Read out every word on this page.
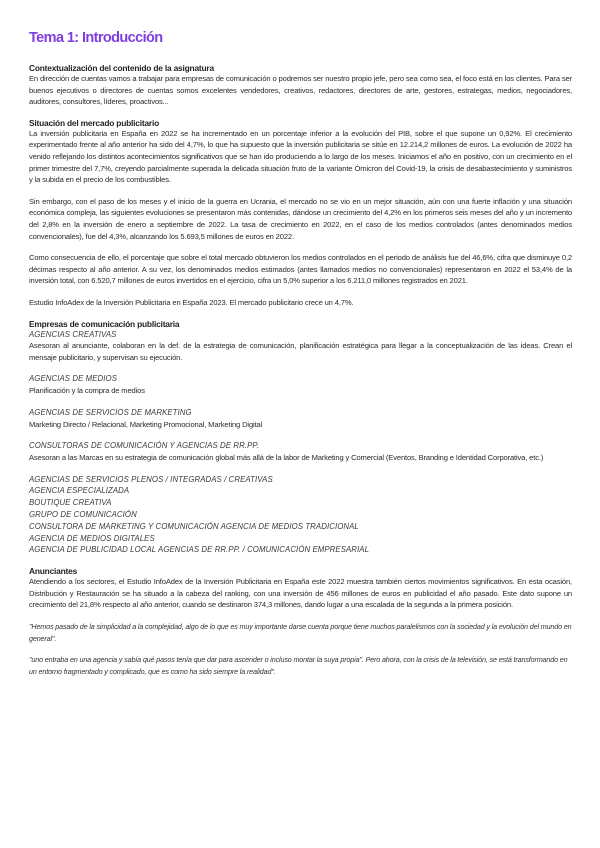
Tema 1: Introducción
Contextualización del contenido de la asignatura

En dirección de cuentas vamos a trabajar para empresas de comunicación o podremos ser nuestro propio jefe, pero sea como sea, el foco está en los clientes. Para ser buenos ejecutivos o directores de cuentas somos excelentes vendedores, creativos, redactores, directores de arte, gestores, estrategas, medios, negociadores, auditores, consultores, líderes, proactivos...

Situación del mercado publicitario

La inversión publicitaria en España en 2022 se ha incrementado en un porcentaje inferior a la evolución del PIB, sobre el que supone un 0,92%. El crecimiento experimentado frente al año anterior ha sido del 4,7%, lo que ha supuesto que la inversión publicitaria se sitúe en 12.214,2 millones de euros. La evolución de 2022 ha venido reflejando los distintos acontecimientos significativos que se han ido produciendo a lo largo de los meses. Iniciamos el año en positivo, con un crecimiento en el primer trimestre del 7,7%, creyendo parcialmente superada la delicada situación fruto de la variante Ómicron del Covid-19, la crisis de desabastecimiento y suministros y la subida en el precio de los combustibles.

Sin embargo, con el paso de los meses y el inicio de la guerra en Ucrania, el mercado no se vio en un mejor situación, aún con una fuerte inflación y una situación económica compleja, las siguientes evoluciones se presentaron más contenidas, dándose un crecimiento del 4,2% en los primeros seis meses del año y un incremento del 2,8% en la inversión de enero a septiembre de 2022. La tasa de crecimiento en 2022, en el caso de los medios controlados (antes denominados medios convencionales), fue del 4,3%, alcanzando los 5.693,5 millones de euros en 2022.

Como consecuencia de ello, el porcentaje que sobre el total mercado obtuvieron los medios controlados en el periodo de análisis fue del 46,6%, cifra que disminuye 0,2 décimas respecto al año anterior. A su vez, los denominados medios estimados (antes llamados medios no convencionales) representaron en 2022 el 53,4% de la inversión total, con 6.520,7 millones de euros invertidos en el ejercicio, cifra un 5,0% superior a los 6.211,0 millones registrados en 2021.

Estudio InfoAdex de la Inversión Publicitaria en España 2023. El mercado publicitario crece un 4,7%.

Empresas de comunicación publicitaria

AGENCIAS CREATIVAS

Asesoran al anunciante, colaboran en la def. de la estrategia de comunicación, planificación estratégica para llegar a la conceptualización de las ideas. Crean el mensaje publicitario, y supervisan su ejecución.

AGENCIAS DE MEDIOS

Planificación y la compra de medios

AGENCIAS DE SERVICIOS DE MARKETING

Marketing Directo / Relacional, Marketing Promocional, Marketing Digital

CONSULTORAS DE COMUNICACIÓN Y AGENCIAS DE RR.PP.

Asesoran a las Marcas en su estrategia de comunicación global más allá de la labor de Marketing y Comercial (Eventos, Branding e Identidad Corporativa, etc.)

AGENCIAS DE SERVICIOS PLENOS / INTEGRADAS / CREATIVAS

AGENCIA ESPECIALIZADA

BOUTIQUE CREATIVA

GRUPO DE COMUNICACIÓN

CONSULTORA DE MARKETING Y COMUNICACIÓN AGENCIA DE MEDIOS TRADICIONAL

AGENCIA DE MEDIOS DIGITALES

AGENCIA DE PUBLICIDAD LOCAL AGENCIAS DE RR.PP. / COMUNICACIÓN EMPRESARIAL

Anunciantes

Atendiendo a los sectores, el Estudio InfoAdex de la Inversión Publicitaria en España este 2022 muestra también ciertos movimientos significativos. En esta ocasión, Distribución y Restauración se ha situado a la cabeza del ranking, con una inversión de 456 millones de euros en publicidad el año pasado. Este dato supone un crecimiento del 21,8% respecto al año anterior, cuando se destinaron 374,3 millones, dando lugar a una escalada de la segunda a la primera posición.

"Hemos pasado de la simplicidad a la complejidad, algo de lo que es muy importante darse cuenta porque tiene muchos paralelismos con la sociedad y la evolución del mundo en general".

"uno entraba en una agencia y sabía qué pasos tenía que dar para ascender o incluso montar la suya propia". Pero ahora, con la crisis de la televisión, se está transformando en un entorno fragmentado y complicado, que es como ha sido siempre la realidad".
